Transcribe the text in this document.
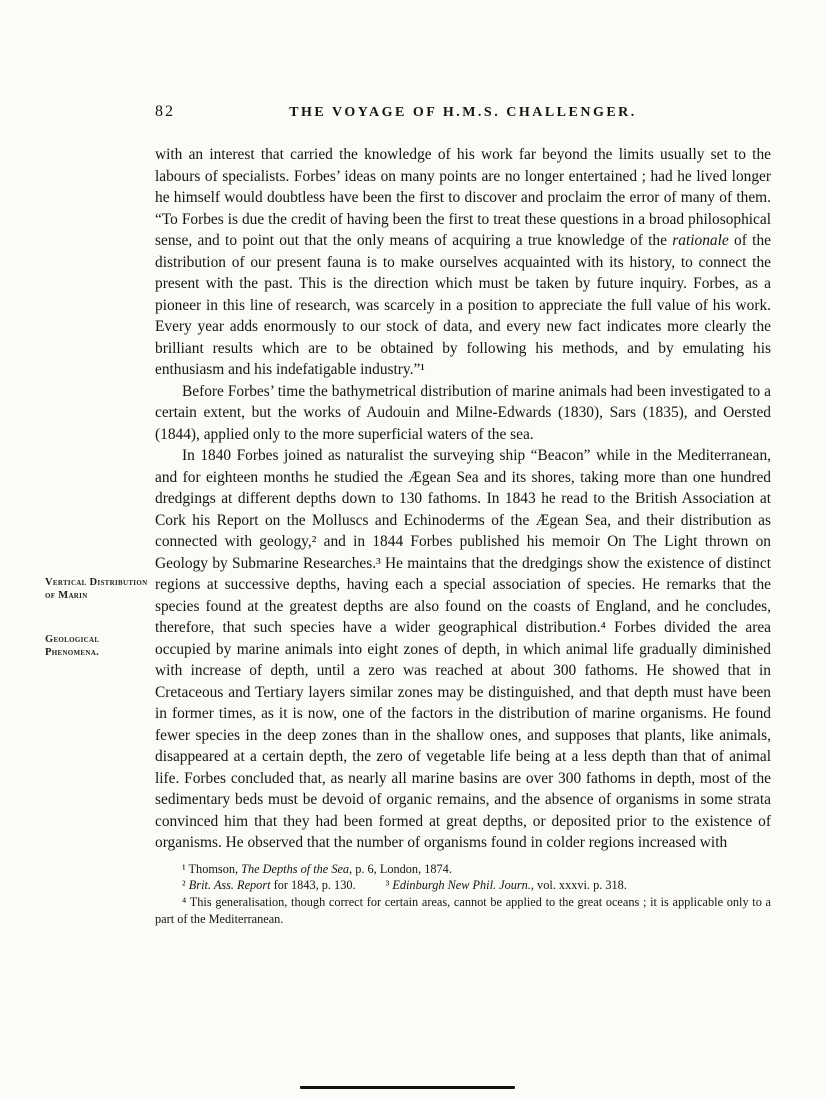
82	THE VOYAGE OF H.M.S. CHALLENGER.
Vertical Distribution of Marin
Geological Phenomena.

with an interest that carried the knowledge of his work far beyond the limits usually set to the labours of specialists. Forbes’ ideas on many points are no longer entertained ; had he lived longer he himself would doubtless have been the first to discover and proclaim the error of many of them. “To Forbes is due the credit of having been the first to treat these questions in a broad philosophical sense, and to point out that the only means of acquiring a true knowledge of the rationale of the distribution of our present fauna is to make ourselves acquainted with its history, to connect the present with the past. This is the direction which must be taken by future inquiry. Forbes, as a pioneer in this line of research, was scarcely in a position to appreciate the full value of his work. Every year adds enormously to our stock of data, and every new fact indicates more clearly the brilliant results which are to be obtained by following his methods, and by emulating his enthusiasm and his indefatigable industry.”¹

Before Forbes’ time the bathymetrical distribution of marine animals had been investigated to a certain extent, but the works of Audouin and Milne-Edwards (1830), Sars (1835), and Oersted (1844), applied only to the more superficial waters of the sea.

In 1840 Forbes joined as naturalist the surveying ship “Beacon” while in the Mediterranean, and for eighteen months he studied the Ægean Sea and its shores, taking more than one hundred dredgings at different depths down to 130 fathoms. In 1843 he read to the British Association at Cork his Report on the Molluscs and Echinoderms of the Ægean Sea, and their distribution as connected with geology,² and in 1844 Forbes published his memoir On The Light thrown on Geology by Submarine Researches.³ He maintains that the dredgings show the existence of distinct regions at successive depths, having each a special association of species. He remarks that the species found at the greatest depths are also found on the coasts of England, and he concludes, therefore, that such species have a wider geographical distribution.⁴ Forbes divided the area occupied by marine animals into eight zones of depth, in which animal life gradually diminished with increase of depth, until a zero was reached at about 300 fathoms. He showed that in Cretaceous and Tertiary layers similar zones may be distinguished, and that depth must have been in former times, as it is now, one of the factors in the distribution of marine organisms. He found fewer species in the deep zones than in the shallow ones, and supposes that plants, like animals, disappeared at a certain depth, the zero of vegetable life being at a less depth than that of animal life. Forbes concluded that, as nearly all marine basins are over 300 fathoms in depth, most of the sedimentary beds must be devoid of organic remains, and the absence of organisms in some strata convinced him that they had been formed at great depths, or deposited prior to the existence of organisms. He observed that the number of organisms found in colder regions increased with

¹ Thomson, The Depths of the Sea, p. 6, London, 1874.
² Brit. Ass. Report for 1843, p. 130. ³ Edinburgh New Phil. Journ., vol. xxxvi. p. 318.
⁴ This generalisation, though correct for certain areas, cannot be applied to the great oceans ; it is applicable only to a part of the Mediterranean.
